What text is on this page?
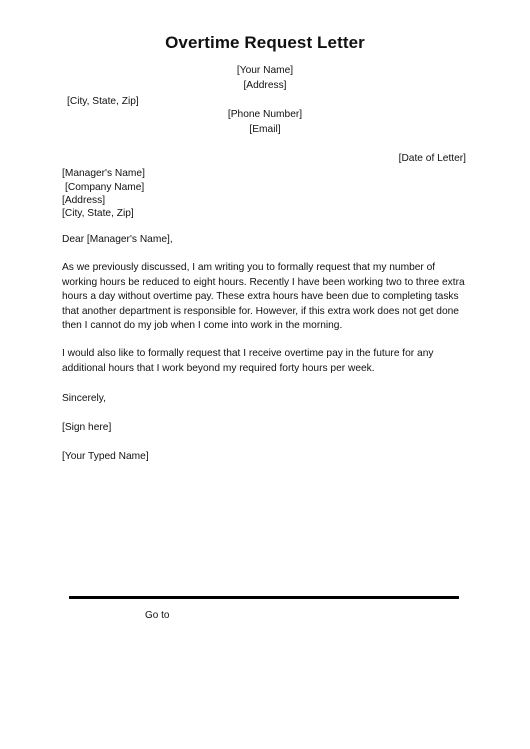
Overtime Request Letter
[Your Name]
[Address]
[City, State, Zip]
[Phone Number]
[Email]
[Date of Letter]
[Manager's Name]
[Company Name]
[Address]
[City, State, Zip]
Dear [Manager's Name],
As we previously discussed, I am writing you to formally request that my number of working hours be reduced to eight hours. Recently I have been working two to three extra hours a day without overtime pay. These extra hours have been due to completing tasks that another department is responsible for. However, if this extra work does not get done then I cannot do my job when I come into work in the morning.
I would also like to formally request that I receive overtime pay in the future for any additional hours that I work beyond my required forty hours per week.
Sincerely,
[Sign here]
[Your Typed Name]
Go to
